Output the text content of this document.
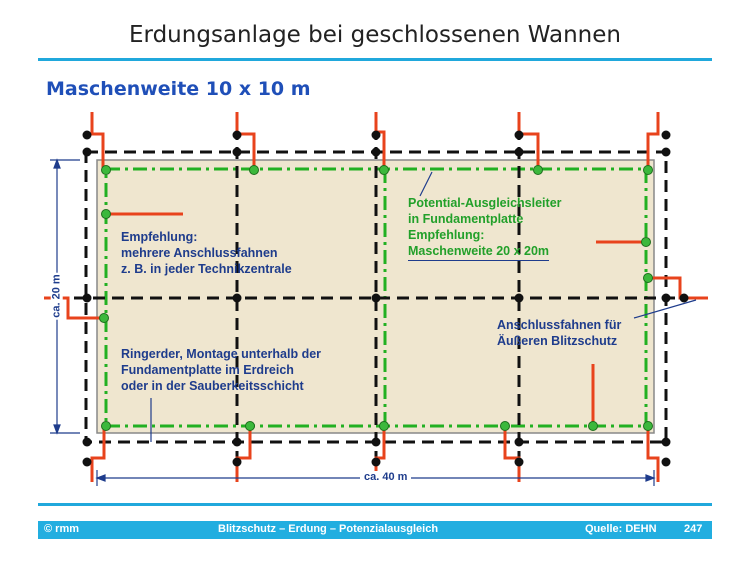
Erdungsanlage bei geschlossenen Wannen
Maschenweite 10 x 10 m
Empfehlung:
mehrere Anschlussfahnen
z. B. in jeder Technikzentrale
Potential-Ausgleichsleiter
in Fundamentplatte
Empfehlung:
Maschenweite 20 x 20m
Anschlussfahnen für
Äußeren Blitzschutz
Ringerder, Montage unterhalb der
Fundamentplatte im Erdreich
oder in der Sauberkeitsschicht
ca. 20 m
ca. 40 m
© rmm	Blitzschutz – Erdung – Potenzialausgleich	Quelle: DEHN 247
